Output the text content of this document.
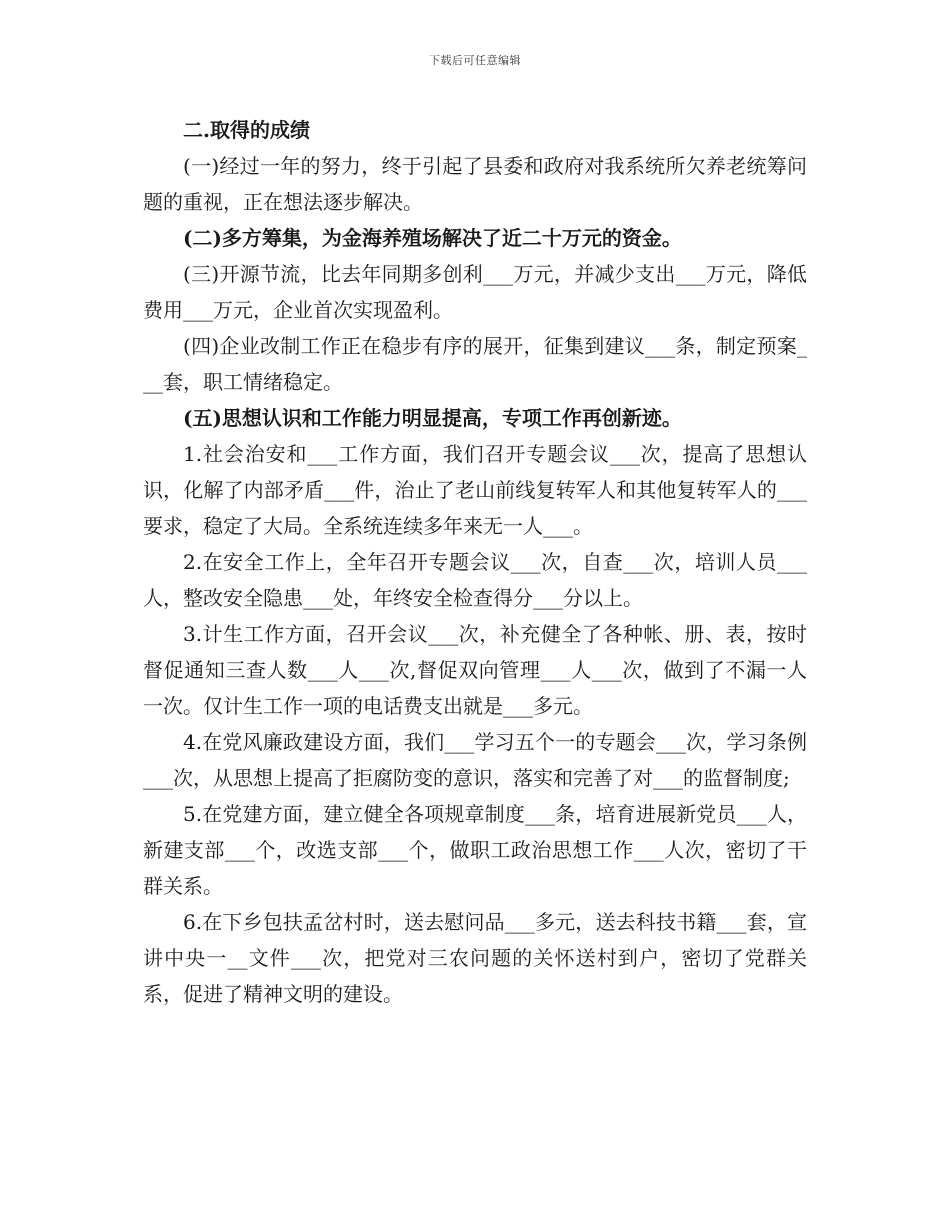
下载后可任意编辑

二.取得的成绩

(一)经过一年的努力，终于引起了县委和政府对我系统所欠养老统筹问题的重视，正在想法逐步解决。

(二)多方筹集，为金海养殖场解决了近二十万元的资金。

(三)开源节流，比去年同期多创利___万元，并减少支出___万元，降低费用___万元，企业首次实现盈利。

(四)企业改制工作正在稳步有序的展开，征集到建议___条，制定预案___套，职工情绪稳定。

(五)思想认识和工作能力明显提高，专项工作再创新迹。

1.社会治安和___工作方面，我们召开专题会议___次，提高了思想认识，化解了内部矛盾___件，治止了老山前线复转军人和其他复转军人的___要求，稳定了大局。全系统连续多年来无一人___。

2.在安全工作上，全年召开专题会议___次，自查___次，培训人员___人，整改安全隐患___处，年终安全检查得分___分以上。

3.计生工作方面，召开会议___次，补充健全了各种帐、册、表，按时督促通知三查人数___人___次,督促双向管理___人___次，做到了不漏一人一次。仅计生工作一项的电话费支出就是___多元。

4.在党风廉政建设方面，我们___学习五个一的专题会___次，学习条例___次，从思想上提高了拒腐防变的意识，落实和完善了对___的监督制度;

5.在党建方面，建立健全各项规章制度___条，培育进展新党员___人，新建支部___个，改选支部___个，做职工政治思想工作___人次，密切了干群关系。

6.在下乡包扶孟岔村时，送去慰问品___多元，送去科技书籍___套，宣讲中央一__文件___次，把党对三农问题的关怀送村到户，密切了党群关系，促进了精神文明的建设。
